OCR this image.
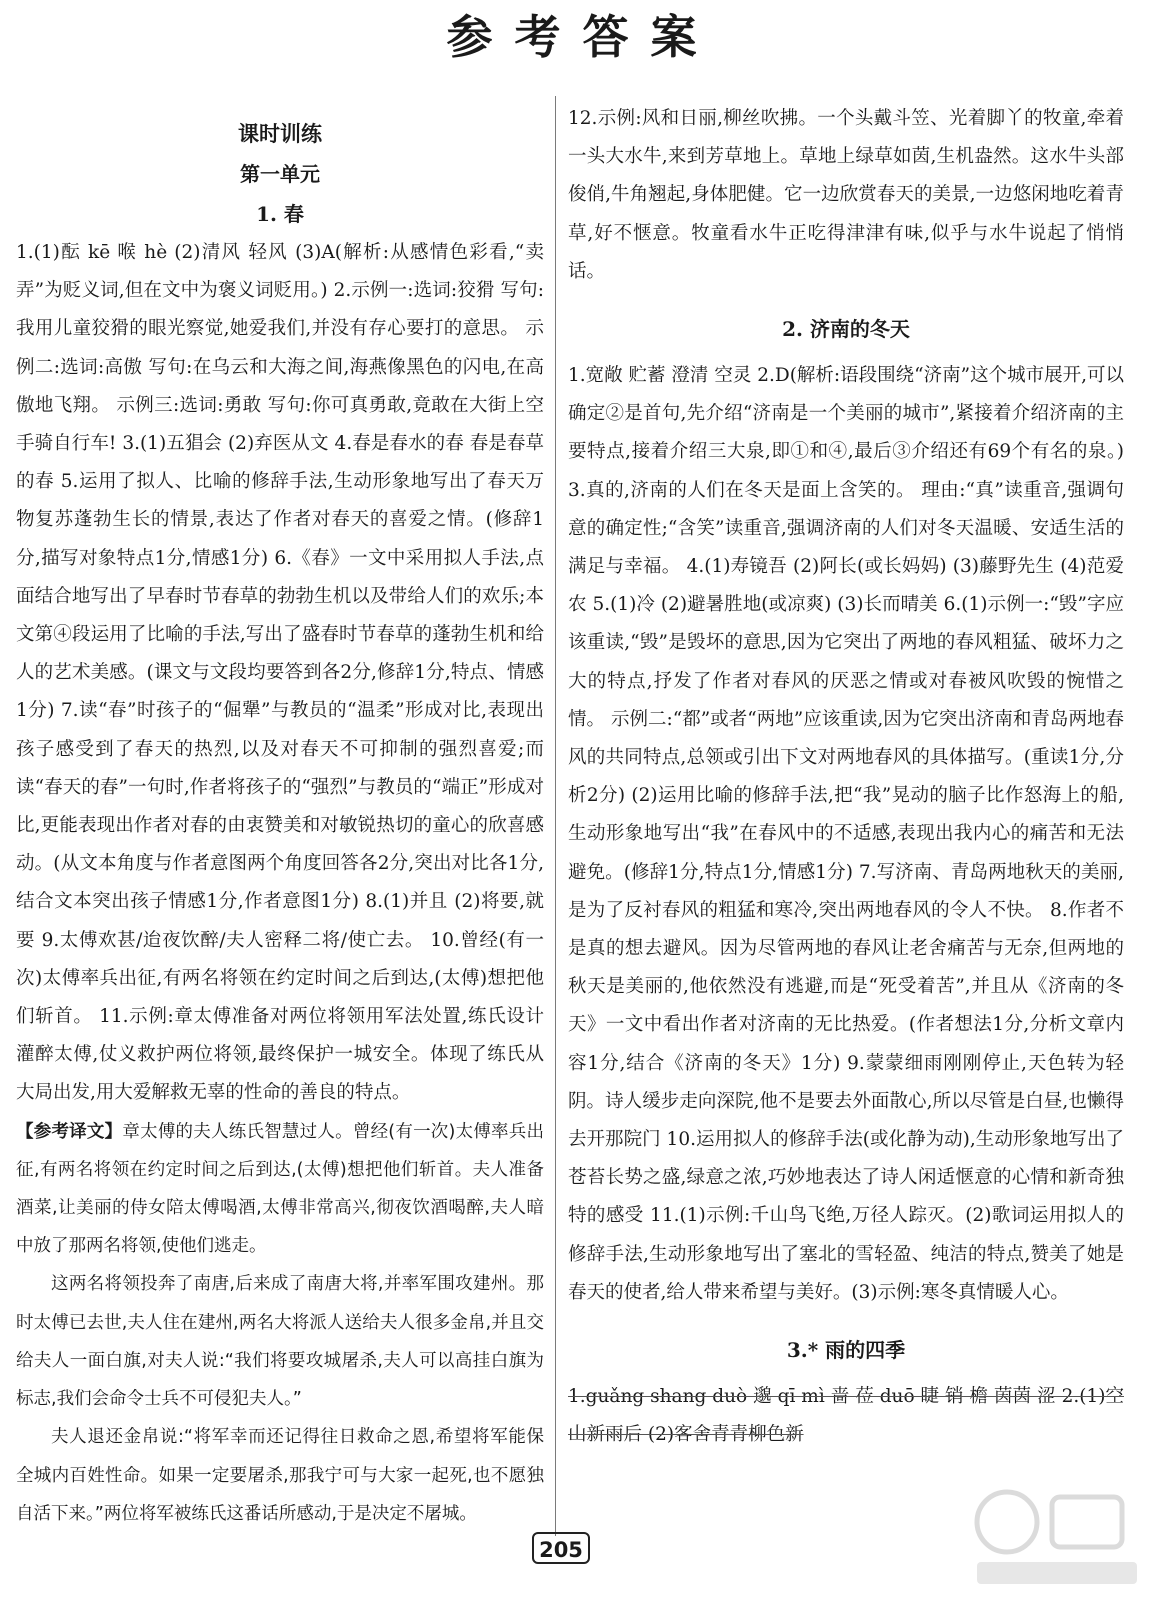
参考答案
课时训练
第一单元
1. 春

1.(1)酝 kē 喉 hè (2)清风 轻风 (3)A(解析:从感情色彩看,“卖弄”为贬义词,但在文中为褒义词贬用。) 2.示例一:选词:狡猾 写句:我用儿童狡猾的眼光察觉,她爱我们,并没有存心要打的意思。 示例二:选词:高傲 写句:在乌云和大海之间,海燕像黑色的闪电,在高傲地飞翔。 示例三:选词:勇敢 写句:你可真勇敢,竟敢在大街上空手骑自行车! 3.(1)五猖会 (2)弃医从文 4.春是春水的春 春是春草的春 5.运用了拟人、比喻的修辞手法,生动形象地写出了春天万物复苏蓬勃生长的情景,表达了作者对春天的喜爱之情。(修辞1分,描写对象特点1分,情感1分) 6.《春》一文中采用拟人手法,点面结合地写出了早春时节春草的勃勃生机以及带给人们的欢乐;本文第④段运用了比喻的手法,写出了盛春时节春草的蓬勃生机和给人的艺术美感。(课文与文段均要答到各2分,修辞1分,特点、情感1分) 7.读“春”时孩子的“倔犟”与教员的“温柔”形成对比,表现出孩子感受到了春天的热烈,以及对春天不可抑制的强烈喜爱;而读“春天的春”一句时,作者将孩子的“强烈”与教员的“端正”形成对比,更能表现出作者对春的由衷赞美和对敏锐热切的童心的欣喜感动。(从文本角度与作者意图两个角度回答各2分,突出对比各1分,结合文本突出孩子情感1分,作者意图1分) 8.(1)并且 (2)将要,就要 9.太傅欢甚/迨夜饮醉/夫人密释二将/使亡去。 10.曾经(有一次)太傅率兵出征,有两名将领在约定时间之后到达,(太傅)想把他们斩首。 11.示例:章太傅准备对两位将领用军法处置,练氏设计灌醉太傅,仗义救护两位将领,最终保护一城安全。体现了练氏从大局出发,用大爱解救无辜的性命的善良的特点。

【参考译文】章太傅的夫人练氏智慧过人。曾经(有一次)太傅率兵出征,有两名将领在约定时间之后到达,(太傅)想把他们斩首。夫人准备酒菜,让美丽的侍女陪太傅喝酒,太傅非常高兴,彻夜饮酒喝醉,夫人暗中放了那两名将领,使他们逃走。

这两名将领投奔了南唐,后来成了南唐大将,并率军围攻建州。那时太傅已去世,夫人住在建州,两名大将派人送给夫人很多金帛,并且交给夫人一面白旗,对夫人说:“我们将要攻城屠杀,夫人可以高挂白旗为标志,我们会命令士兵不可侵犯夫人。”

夫人退还金帛说:“将军幸而还记得往日救命之恩,希望将军能保全城内百姓性命。如果一定要屠杀,那我宁可与大家一起死,也不愿独自活下来。”两位将军被练氏这番话所感动,于是决定不屠城。

12.示例:风和日丽,柳丝吹拂。一个头戴斗笠、光着脚丫的牧童,牵着一头大水牛,来到芳草地上。草地上绿草如茵,生机盎然。这水牛头部俊俏,牛角翘起,身体肥健。它一边欣赏春天的美景,一边悠闲地吃着青草,好不惬意。牧童看水牛正吃得津津有味,似乎与水牛说起了悄悄话。

2. 济南的冬天

1.宽敞 贮蓄 澄清 空灵 2.D(解析:语段围绕“济南”这个城市展开,可以确定②是首句,先介绍“济南是一个美丽的城市”,紧接着介绍济南的主要特点,接着介绍三大泉,即①和④,最后③介绍还有69个有名的泉。) 3.真的,济南的人们在冬天是面上含笑的。 理由:“真”读重音,强调句意的确定性;“含笑”读重音,强调济南的人们对冬天温暖、安适生活的满足与幸福。 4.(1)寿镜吾 (2)阿长(或长妈妈) (3)藤野先生 (4)范爱农 5.(1)冷 (2)避暑胜地(或凉爽) (3)长而晴美 6.(1)示例一:“毁”字应该重读,“毁”是毁坏的意思,因为它突出了两地的春风粗猛、破坏力之大的特点,抒发了作者对春风的厌恶之情或对春被风吹毁的惋惜之情。 示例二:“都”或者“两地”应该重读,因为它突出济南和青岛两地春风的共同特点,总领或引出下文对两地春风的具体描写。(重读1分,分析2分) (2)运用比喻的修辞手法,把“我”晃动的脑子比作怒海上的船,生动形象地写出“我”在春风中的不适感,表现出我内心的痛苦和无法避免。(修辞1分,特点1分,情感1分) 7.写济南、青岛两地秋天的美丽,是为了反衬春风的粗猛和寒冷,突出两地春风的令人不快。 8.作者不是真的想去避风。因为尽管两地的春风让老舍痛苦与无奈,但两地的秋天是美丽的,他依然没有逃避,而是“死受着苦”,并且从《济南的冬天》一文中看出作者对济南的无比热爱。(作者想法1分,分析文章内容1分,结合《济南的冬天》1分) 9.蒙蒙细雨刚刚停止,天色转为轻阴。诗人缓步走向深院,他不是要去外面散心,所以尽管是白昼,也懒得去开那院门 10.运用拟人的修辞手法(或化静为动),生动形象地写出了苍苔长势之盛,绿意之浓,巧妙地表达了诗人闲适惬意的心情和新奇独特的感受 11.(1)示例:千山鸟飞绝,万径人踪灭。(2)歌词运用拟人的修辞手法,生动形象地写出了塞北的雪轻盈、纯洁的特点,赞美了她是春天的使者,给人带来希望与美好。(3)示例:寒冬真情暖人心。

3.* 雨的四季

1.guǎng shang duò 邈 qī mì 啬 莅 duō 睫 销 檐 茵茵 涩 2.(1)空山新雨后 (2)客舍青青柳色新

205
